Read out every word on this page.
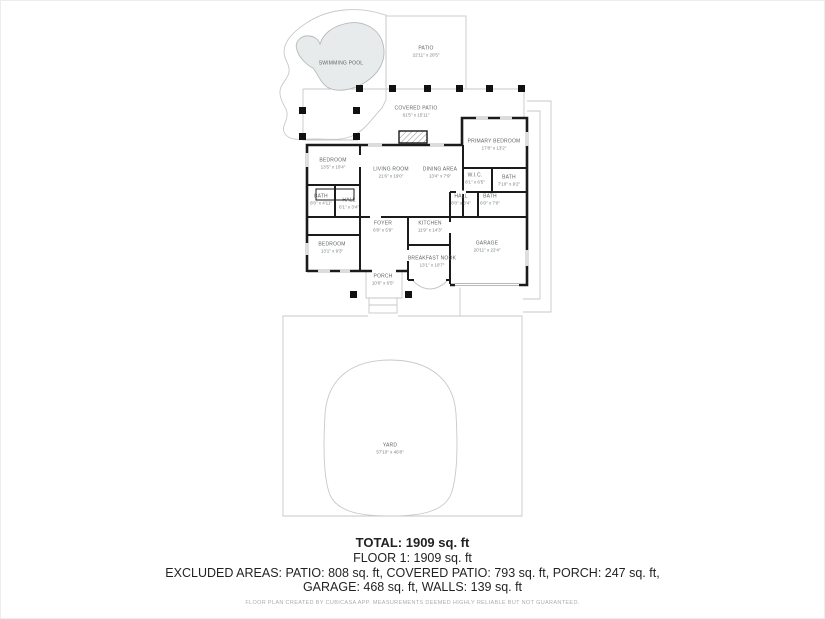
SWIMMING POOL
PATIO
22'11" x 20'5"
COVERED PATIO
61'5" x 15'11"
PRIMARY BEDROOM
17'8" x 13'2"
BEDROOM
13'5" x 10'4"	LIVING ROOM
21'6" x 19'0"
DINING AREA
13'4" x 7'9"	W.I.C.
8'1" x 6'5"
BATH
7'10" x 9'2"
BATH
8'0" x 4'11"	HALL
6'1" x 3'4"
HALL
8'0" x 3'4"
BATH
6'0" x 7'0"
BEDROOM
13'1" x 9'3"
FOYER
6'8" x 5'9"
KITCHEN
11'9" x 14'3"
BREAKFAST NOOK
13'1" x 10'7"
PORCH
10'0" x 6'5"
GARAGE
20'11" x 22'4"
YARD
57'10" x 46'8"
TOTAL: 1909 sq. ft
FLOOR 1: 1909 sq. ft
EXCLUDED AREAS: PATIO: 808 sq. ft, COVERED PATIO: 793 sq. ft, PORCH: 247 sq. ft,
GARAGE: 468 sq. ft, WALLS: 139 sq. ft
FLOOR PLAN CREATED BY CUBICASA APP. MEASUREMENTS DEEMED HIGHLY RELIABLE BUT NOT GUARANTEED.
